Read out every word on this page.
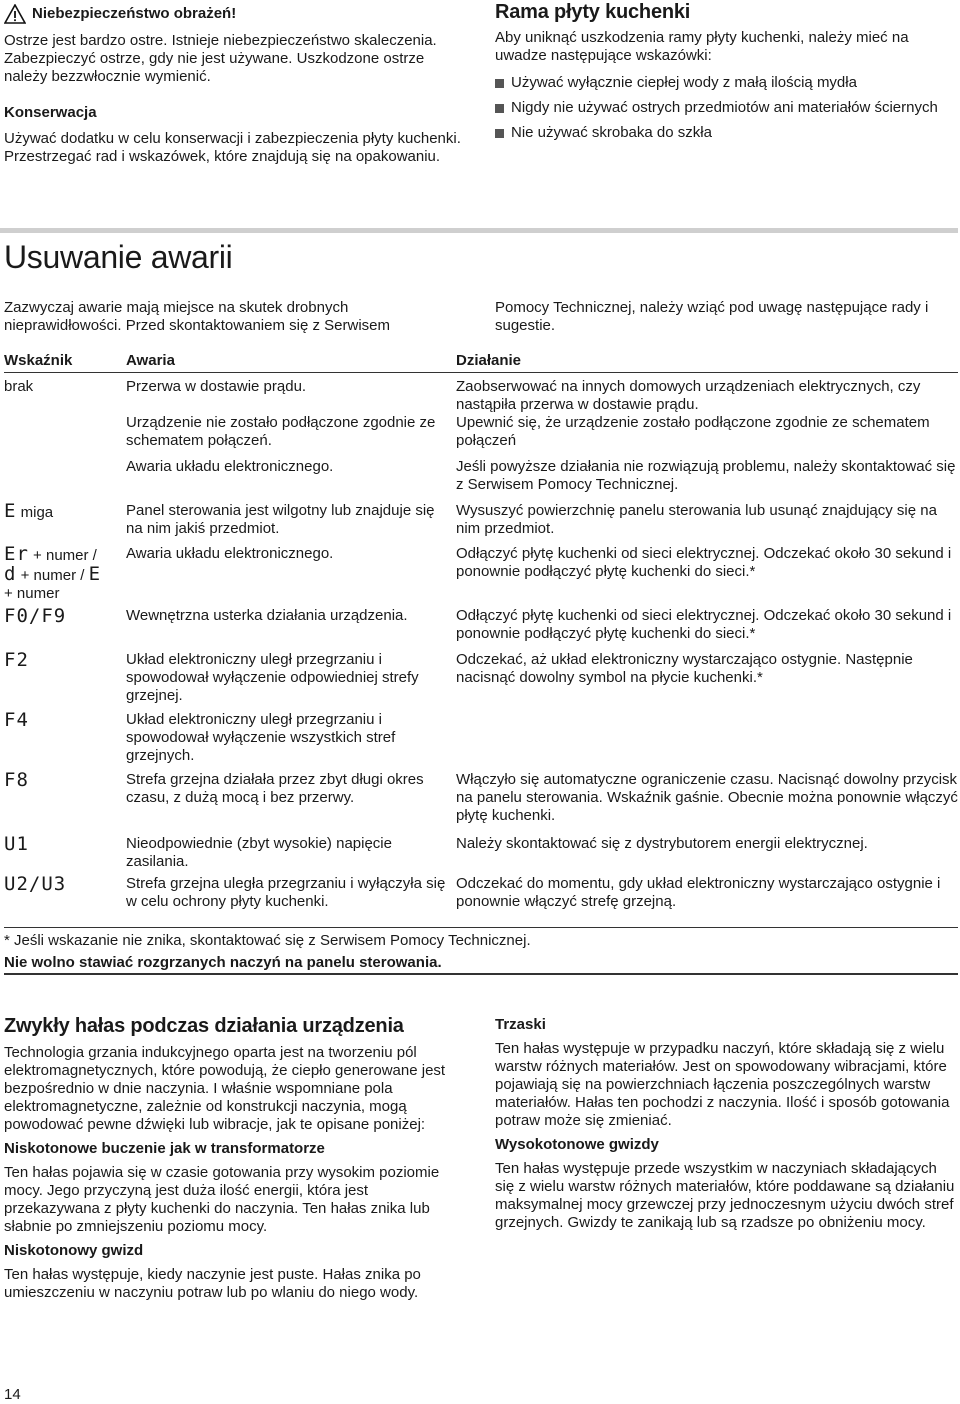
Niebezpieczeństwo obrażeń!

Ostrze jest bardzo ostre. Istnieje niebezpieczeństwo skaleczenia. Zabezpieczyć ostrze, gdy nie jest używane. Uszkodzone ostrze należy bezzwłocznie wymienić.

Konserwacja

Używać dodatku w celu konserwacji i zabezpieczenia płyty kuchenki. Przestrzegać rad i wskazówek, które znajdują się na opakowaniu.

Rama płyty kuchenki

Aby uniknąć uszkodzenia ramy płyty kuchenki, należy mieć na uwadze następujące wskazówki:

Używać wyłącznie ciepłej wody z małą ilością mydła
Nigdy nie używać ostrych przedmiotów ani materiałów ściernych
Nie używać skrobaka do szkła
Usuwanie awarii

Zazwyczaj awarie mają miejsce na skutek drobnych nieprawidłowości. Przed skontaktowaniem się z Serwisem

Pomocy Technicznej, należy wziąć pod uwagę następujące rady i sugestie.

Wskaźnik	Awaria	Działanie
brak	Przerwa w dostawie prądu.	Zaobserwować na innych domowych urządzeniach elektrycznych, czy nastąpiła przerwa w dostawie prądu.
	Urządzenie nie zostało podłączone zgodnie ze schematem połączeń.	Upewnić się, że urządzenie zostało podłączone zgodnie ze schematem połączeń
	Awaria układu elektronicznego.	Jeśli powyższe działania nie rozwiązują problemu, należy skontaktować się z Serwisem Pomocy Technicznej.
E miga	Panel sterowania jest wilgotny lub znajduje się na nim jakiś przedmiot.	Wysuszyć powierzchnię panelu sterowania lub usunąć znajdujący się na nim przedmiot.

Er + numer /
d + numer / E
+ numer	Awaria układu elektronicznego.	Odłączyć płytę kuchenki od sieci elektrycznej. Odczekać około 30 sekund i ponownie podłączyć płytę kuchenki do sieci.*
F0/F9	Wewnętrzna usterka działania urządzenia.	Odłączyć płytę kuchenki od sieci elektrycznej. Odczekać około 30 sekund i ponownie podłączyć płytę kuchenki do sieci.*
F2	Układ elektroniczny uległ przegrzaniu i spowodował wyłączenie odpowiedniej strefy grzejnej.	Odczekać, aż układ elektroniczny wystarczająco ostygnie. Następnie nacisnąć dowolny symbol na płycie kuchenki.*
F4	Układ elektroniczny uległ przegrzaniu i spowodował wyłączenie wszystkich stref grzejnych.	
F8	Strefa grzejna działała przez zbyt długi okres czasu, z dużą mocą i bez przerwy.	Włączyło się automatyczne ograniczenie czasu. Nacisnąć dowolny przycisk na panelu sterowania. Wskaźnik gaśnie. Obecnie można ponownie włączyć płytę kuchenki.
U1	Nieodpowiednie (zbyt wysokie) napięcie zasilania.	Należy skontaktować się z dystrybutorem energii elektrycznej.
U2/U3	Strefa grzejna uległa przegrzaniu i wyłączyła się w celu ochrony płyty kuchenki.	Odczekać do momentu, gdy układ elektroniczny wystarczająco ostygnie i ponownie włączyć strefę grzejną.
* Jeśli wskazanie nie znika, skontaktować się z Serwisem Pomocy Technicznej.
Nie wolno stawiać rozgrzanych naczyń na panelu sterowania.
Zwykły hałas podczas działania urządzenia

Technologia grzania indukcyjnego oparta jest na tworzeniu pól elektromagnetycznych, które powodują, że ciepło generowane jest bezpośrednio w dnie naczynia. I właśnie wspomniane pola elektromagnetyczne, zależnie od konstrukcji naczynia, mogą powodować pewne dźwięki lub wibracje, jak te opisane poniżej:

Niskotonowe buczenie jak w transformatorze

Ten hałas pojawia się w czasie gotowania przy wysokim poziomie mocy. Jego przyczyną jest duża ilość energii, która jest przekazywana z płyty kuchenki do naczynia. Ten hałas znika lub słabnie po zmniejszeniu poziomu mocy.

Niskotonowy gwizd

Ten hałas występuje, kiedy naczynie jest puste. Hałas znika po umieszczeniu w naczyniu potraw lub po wlaniu do niego wody.

Trzaski

Ten hałas występuje w przypadku naczyń, które składają się z wielu warstw różnych materiałów. Jest on spowodowany wibracjami, które pojawiają się na powierzchniach łączenia poszczególnych warstw materiałów. Hałas ten pochodzi z naczynia. Ilość i sposób gotowania potraw może się zmieniać.

Wysokotonowe gwizdy

Ten hałas występuje przede wszystkim w naczyniach składających się z wielu warstw różnych materiałów, które poddawane są działaniu maksymalnej mocy grzewczej przy jednoczesnym użyciu dwóch stref grzejnych. Gwizdy te zanikają lub są rzadsze po obniżeniu mocy.

14
